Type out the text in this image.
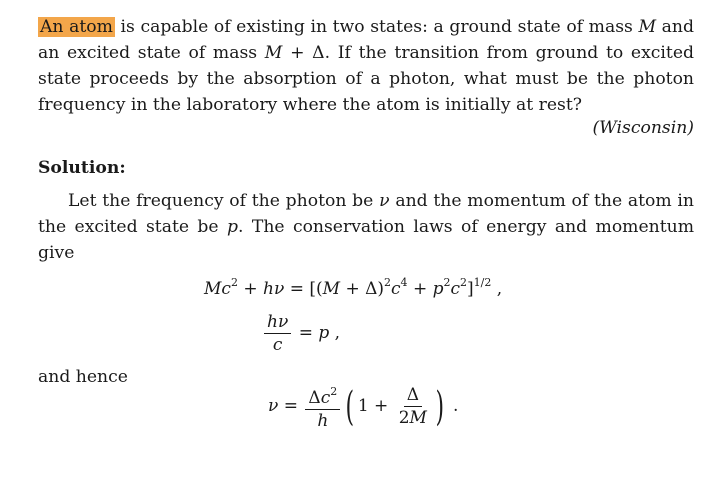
An atom is capable of existing in two states: a ground state of mass M and an excited state of mass M + Δ. If the transition from ground to excited state proceeds by the absorption of a photon, what must be the photon frequency in the laboratory where the atom is initially at rest?

(Wisconsin)
Solution:

Let the frequency of the photon be ν and the momentum of the atom in the excited state be p. The conservation laws of energy and momentum give

$Mc^2 + h\nu = [(M + \Delta)^2c^4 + p^2c^2]^{1/2}$ ,
$\frac{h\nu}{c} = p$ ,
and hence
$\nu = \frac{\Delta c^2}{h}$ ( $1 + \frac{\Delta}{2M}$ ) .
